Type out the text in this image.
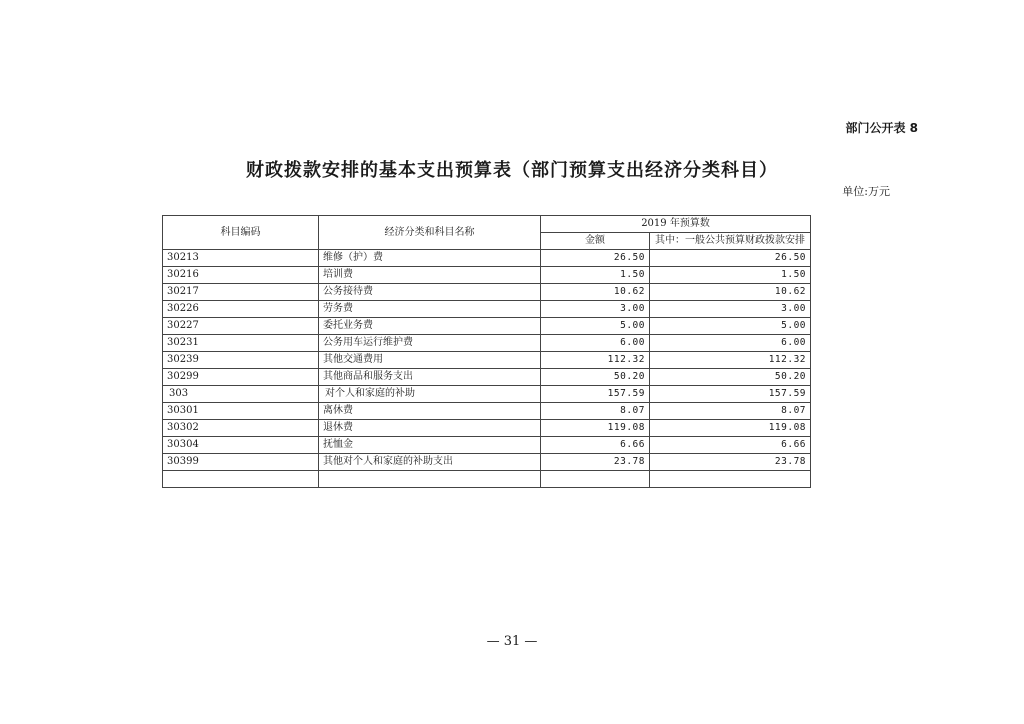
部门公开表 8
财政拨款安排的基本支出预算表（部门预算支出经济分类科目）
单位:万元
科目编码	经济分类和科目名称	2019 年预算数	
		金额	其中：一般公共预算财政拨款安排
30213	维修（护）费	26.50	26.50
30216	培训费	1.50	1.50
30217	公务接待费	10.62	10.62
30226	劳务费	3.00	3.00
30227	委托业务费	5.00	5.00
30231	公务用车运行维护费	6.00	6.00
30239	其他交通费用	112.32	112.32
30299	其他商品和服务支出	50.20	50.20
303	对个人和家庭的补助	157.59	157.59
30301	离休费	8.07	8.07
30302	退休费	119.08	119.08
30304	抚恤金	6.66	6.66
30399	其他对个人和家庭的补助支出	23.78	23.78

— 31 —
